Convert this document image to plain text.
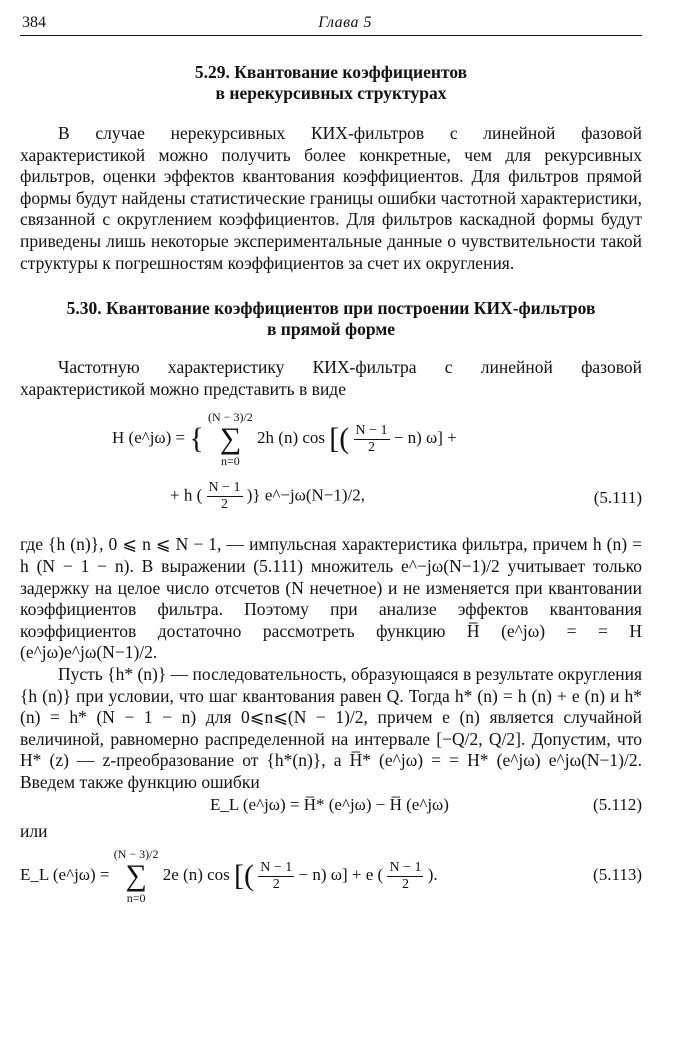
384	Глава 5
5.29. Квантование коэффициентов
в нерекурсивных структурах

В случае нерекурсивных КИХ-фильтров с линейной фазовой характеристикой можно получить более конкретные, чем для рекурсивных фильтров, оценки эффектов квантования коэффициентов. Для фильтров прямой формы будут найдены статистические границы ошибки частотной характеристики, связанной с округлением коэффициентов. Для фильтров каскадной формы будут приведены лишь некоторые экспериментальные данные о чувствительности такой структуры к погрешностям коэффициентов за счет их округления.

5.30. Квантование коэффициентов при построении КИХ-фильтров
в прямой форме

Частотную характеристику КИХ-фильтра с линейной фазовой характеристикой можно представить в виде

H (e^jω) = {
(N − 3)/2
∑
n=0
2h (n) cos [( $\frac{N - 1}{2} - n$) ω] +
+ h ( $\frac{N - 1}{2}$ )} e^−jω(N−1)/2,	(5.111)

где {h (n)}, 0 ⩽ n ⩽ N − 1, — импульсная характеристика фильтра, причем h (n) = h (N − 1 − n). В выражении (5.111) множитель e^−jω(N−1)/2 учитывает только задержку на целое число отсчетов (N нечетное) и не изменяется при квантовании коэффициентов фильтра. Поэтому при анализе эффектов квантования коэффициентов достаточно рассмотреть функцию H̅ (e^jω) = = H (e^jω)e^jω(N−1)/2.

Пусть {h* (n)} — последовательность, образующаяся в результате округления {h (n)} при условии, что шаг квантования равен Q. Тогда h* (n) = h (n) + e (n) и h* (n) = h* (N − 1 − n) для 0⩽n⩽(N − 1)/2, причем e (n) является случайной величиной, равномерно распределенной на интервале [−Q/2, Q/2]. Допустим, что H* (z) — z-преобразование от {h*(n)}, а H̅* (e^jω) = = H* (e^jω) e^jω(N−1)/2. Введем также функцию ошибки

E_L (e^jω) = H̅* (e^jω) − H̅ (e^jω)	(5.112)

или

E_L (e^jω) =
(N − 3)/2
∑
n=0
2e (n) cos [( $\frac{N - 1}{2} - n$) ω] + e ( $\frac{N - 1}{2}$ ).	(5.113)
